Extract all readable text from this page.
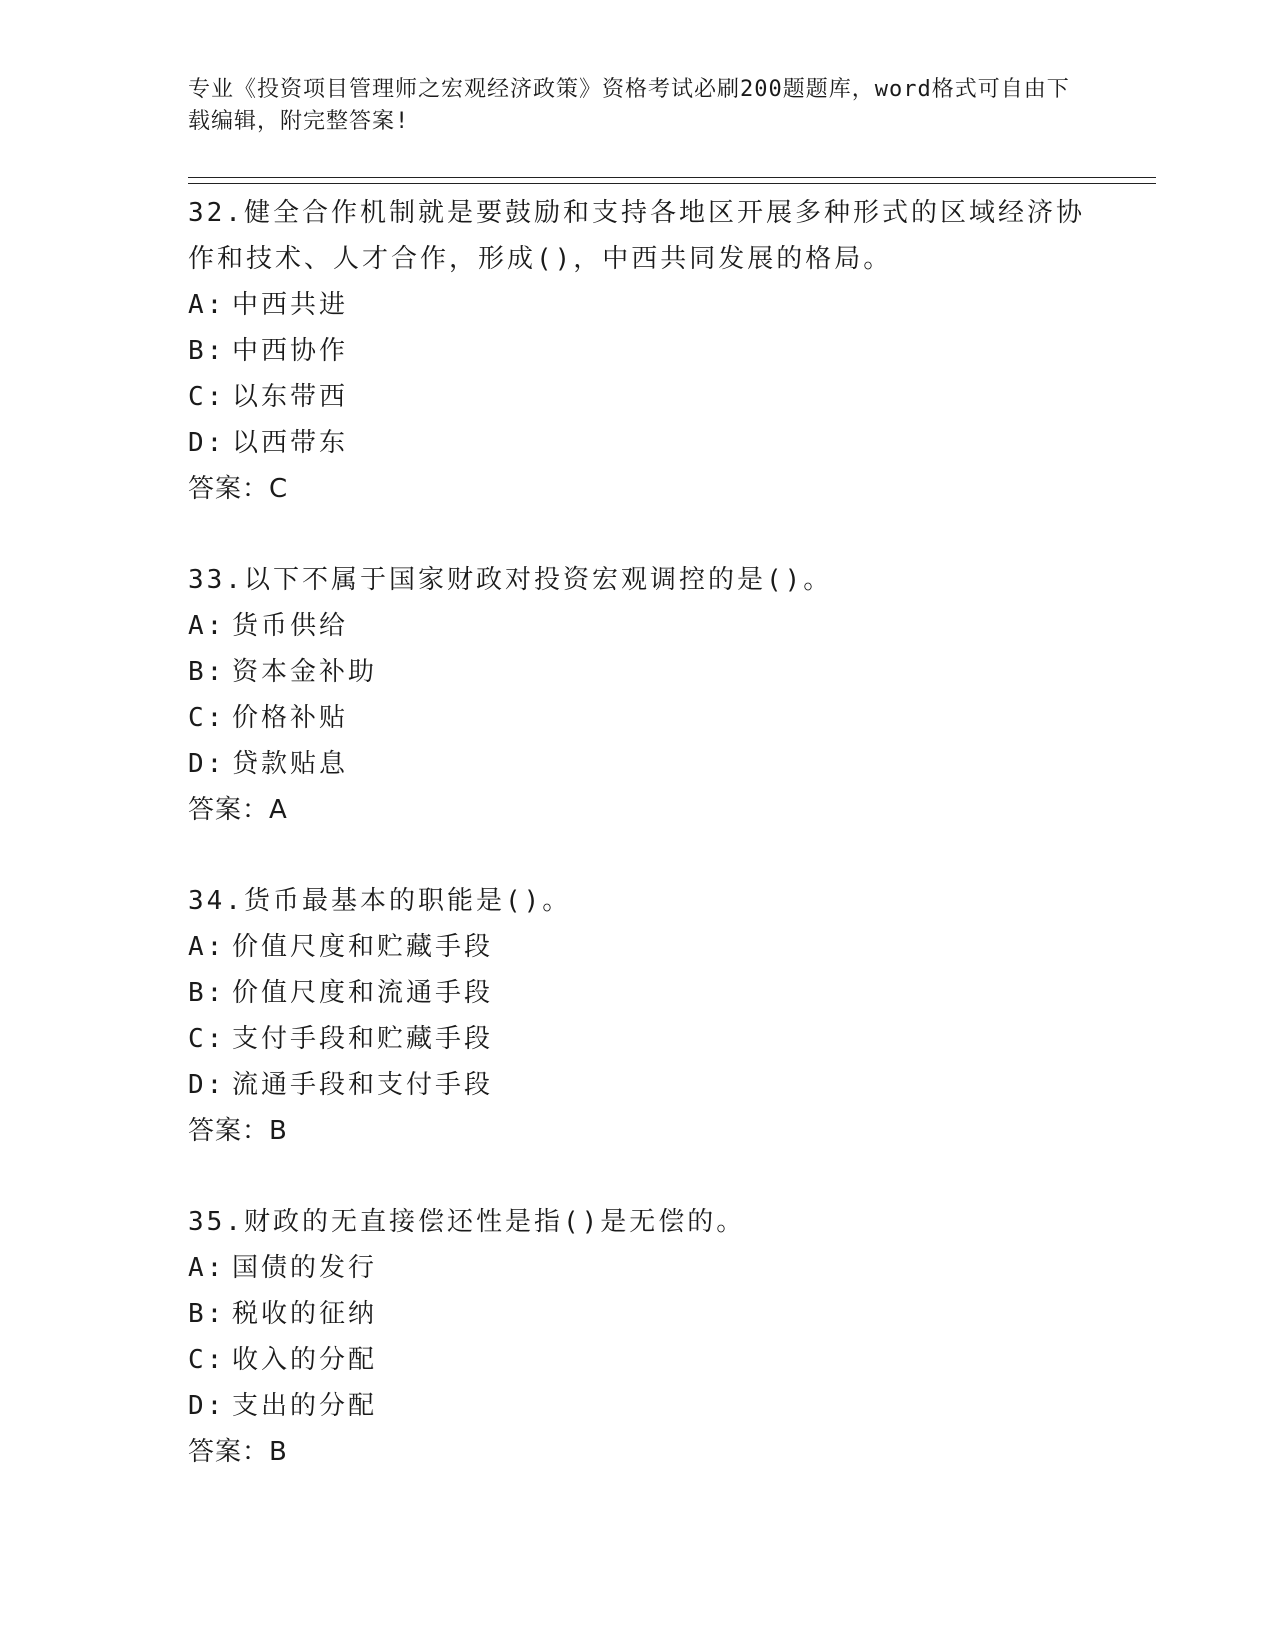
专业《投资项目管理师之宏观经济政策》资格考试必刷200题题库，word格式可自由下载编辑，附完整答案!

32.健全合作机制就是要鼓励和支持各地区开展多种形式的区域经济协作和技术、人才合作，形成()，中西共同发展的格局。

A: 中西共进

B: 中西协作

C: 以东带西

D: 以西带东

答案：C

33.以下不属于国家财政对投资宏观调控的是()。

A: 货币供给

B: 资本金补助

C: 价格补贴

D: 贷款贴息

答案：A

34.货币最基本的职能是()。

A: 价值尺度和贮藏手段

B: 价值尺度和流通手段

C: 支付手段和贮藏手段

D: 流通手段和支付手段

答案：B

35.财政的无直接偿还性是指()是无偿的。

A: 国债的发行

B: 税收的征纳

C: 收入的分配

D: 支出的分配

答案：B
